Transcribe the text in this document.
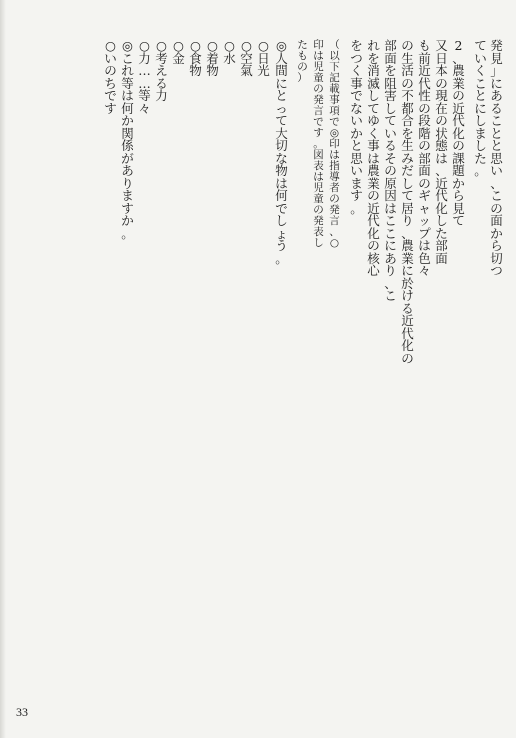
発
見
」
に
あ
る
こ
と
と
思
い
、
こ
の
面
か
ら
切
つ
て
い
く
こ
と
に
し
ま
し
た
。
2
、
農
業
の
近
代
化
の
課
題
か
ら
見
て
又
日
本
の
現
在
の
状
態
は
、
近
代
化
し
た
部
面
も
前
近
代
性
の
段
階
の
部
面
の
ギ
ャ
ッ
プ
は
色
々
の
生
活
の
不
都
合
を
生
み
だ
し
て
居
り
、
農
業
に
於
け
る
近
代
化
の
部
面
を
阻
害
し
て
い
る
そ
の
原
因
は
こ
こ
に
あ
り
、
こ
れ
を
消
滅
し
て
ゆ
く
事
は
農
業
の
近
代
化
の
核
心
を
つ
く
事
で
な
い
か
と
思
い
ま
す
。
（
以
下
記
載
事
項
で
◎
印
は
指
導
者
の
発
言
、
○
印
は
児
童
の
発
言
で
す
。
図
表
は
児
童
の
発
表
し
た
も
の
）
◎
人
間
に
と
っ
て
大
切
な
物
は
何
で
し
ょ
う
。
○
日
光
○
空
氣
○
水
○
着
物
○
食
物
○
金
○
考
え
る
力
○
力
…
…
等
々
◎
こ
れ
等
は
何
か
関
係
が
あ
り
ま
す
か
。
○
い
の
ち
で
す
33
